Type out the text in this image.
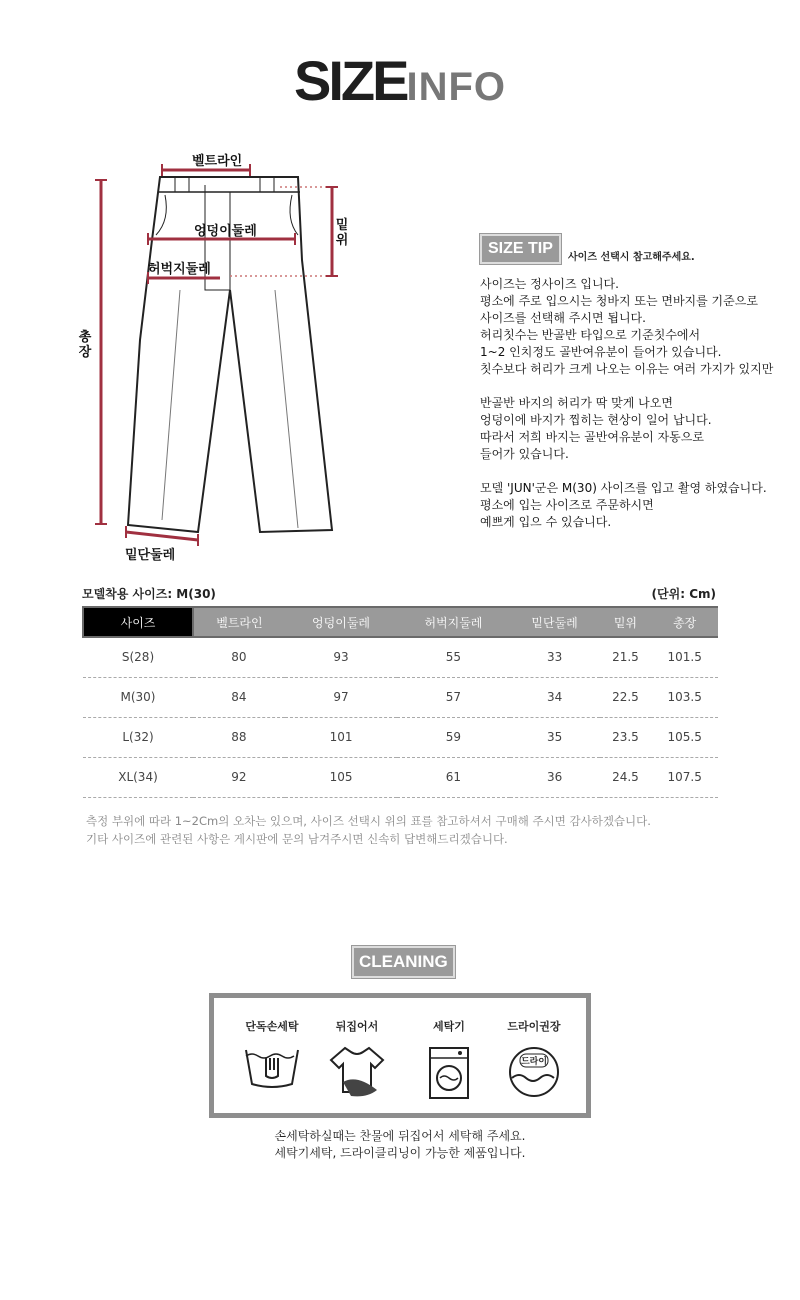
SIZEINFO
벨트라인
엉덩이둘레
허벅지둘레
밑
위
총
장
밑단둘레
SIZE TIP
사이즈 선택시 참고해주세요.

사이즈는 정사이즈 입니다.
평소에 주로 입으시는 청바지 또는 면바지를 기준으로
사이즈를 선택해 주시면 됩니다.
허리칫수는 반골반 타입으로 기준칫수에서
1~2 인치정도 골반여유분이 들어가 있습니다.
칫수보다 허리가 크게 나오는 이유는 여러 가지가 있지만

반골반 바지의 허리가 딱 맞게 나오면
엉덩이에 바지가 찝히는 현상이 일어 납니다.
따라서 저희 바지는 골반여유분이 자동으로
들어가 있습니다.

모델 'JUN'군은 M(30) 사이즈를 입고 촬영 하였습니다.
평소에 입는 사이즈로 주문하시면
예쁘게 입으 수 있습니다.

모델착용 사이즈: M(30)	(단위: Cm)
사이즈	벨트라인	엉덩이둘레	허벅지둘레	밑단둘레	밑위	총장
S(28)	80	93	55	33	21.5	101.5
M(30)	84	97	57	34	22.5	103.5
L(32)	88	101	59	35	23.5	105.5
XL(34)	92	105	61	36	24.5	107.5
측정 부위에 따라 1~2Cm의 오차는 있으며, 사이즈 선택시 위의 표를 참고하셔서 구매해 주시면 감사하겠습니다.
기타 사이즈에 관련된 사항은 게시판에 문의 남겨주시면 신속히 답변해드리겠습니다.
CLEANING
단독손세탁	뒤집어서	세탁기	드라이권장
드라이
손세탁하실때는 찬물에 뒤집어서 세탁해 주세요.
세탁기세탁, 드라이클리닝이 가능한 제품입니다.
